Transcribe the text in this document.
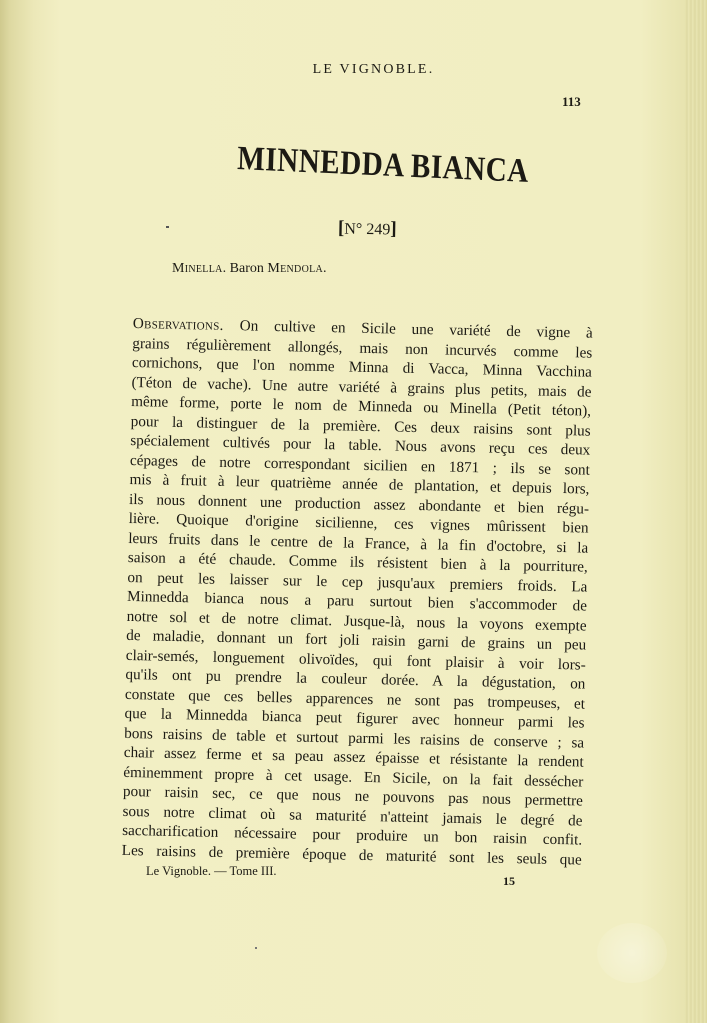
LE VIGNOBLE.
113
MINNEDDA BIANCA
[N° 249]
Minella. Baron Mendola.
Observations. On cultive en Sicile une variété de vigne à
grains régulièrement allongés, mais non incurvés comme les
cornichons, que l'on nomme Minna di Vacca, Minna Vacchina
(Téton de vache). Une autre variété à grains plus petits, mais de
même forme, porte le nom de Minneda ou Minella (Petit téton),
pour la distinguer de la première. Ces deux raisins sont plus
spécialement cultivés pour la table. Nous avons reçu ces deux
cépages de notre correspondant sicilien en 1871 ; ils se sont
mis à fruit à leur quatrième année de plantation, et depuis lors,
ils nous donnent une production assez abondante et bien régu-
lière. Quoique d'origine sicilienne, ces vignes mûrissent bien
leurs fruits dans le centre de la France, à la fin d'octobre, si la
saison a été chaude. Comme ils résistent bien à la pourriture,
on peut les laisser sur le cep jusqu'aux premiers froids. La
Minnedda bianca nous a paru surtout bien s'accommoder de
notre sol et de notre climat. Jusque-là, nous la voyons exempte
de maladie, donnant un fort joli raisin garni de grains un peu
clair-semés, longuement olivoïdes, qui font plaisir à voir lors-
qu'ils ont pu prendre la couleur dorée. A la dégustation, on
constate que ces belles apparences ne sont pas trompeuses, et
que la Minnedda bianca peut figurer avec honneur parmi les
bons raisins de table et surtout parmi les raisins de conserve ; sa
chair assez ferme et sa peau assez épaisse et résistante la rendent
éminemment propre à cet usage. En Sicile, on la fait dessécher
pour raisin sec, ce que nous ne pouvons pas nous permettre
sous notre climat où sa maturité n'atteint jamais le degré de
saccharification nécessaire pour produire un bon raisin confit.
Les raisins de première époque de maturité sont les seuls que
Le Vignoble. — Tome III.
15
